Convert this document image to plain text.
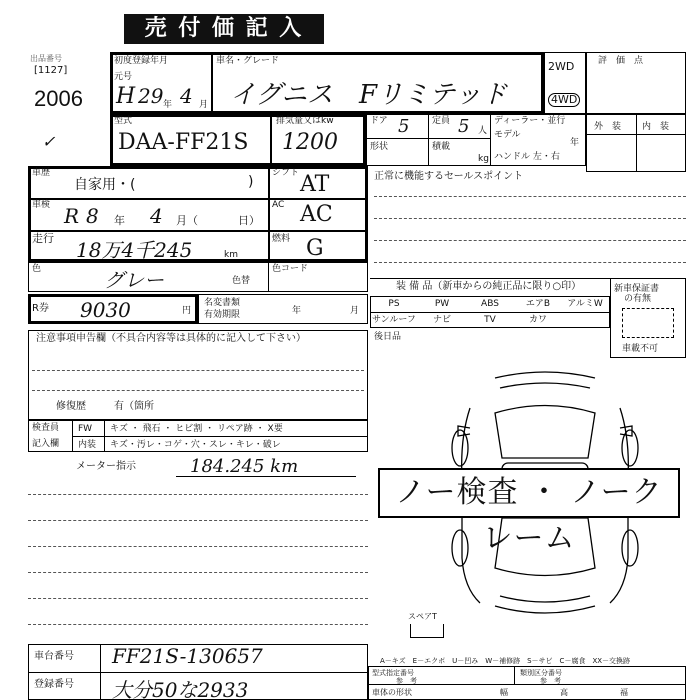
売 付 価 記 入
出品番号
[1127]
2006
初度登録年月
元号
H 29 年 4 月
車名・グレード
イグニス　Fリミテッド
2WD
4WD
評　価　点
外　装 内　装
型式
DAA-FF21S
排気量又はkw
1200
ドア 5	定員 5 人
形状	積載
kg
ディーラー・並行
モデル
年
ハンドル 左・右
✓
車歴
自家用・(	)
車検 R 8 年 4 月（	日）
走行 18万4千245	km
シフト AT
AC AC
燃料 G
色	グレー	色替
色コード
R券 9030	円
名変書類
有効期限	年	月
正常に機能するセールスポイント
装 備 品（新車からの純正品に限り○印）
PS	PW	ABS	エアB	アルミW
サンルーフ	ナビ	TV	カワ
後日品
新車保証書
の有無
車載不可
注意事項申告欄（不具合内容等は具体的に記入して下さい）
修復歴	有（箇所
検査員
記入欄
FW キズ ・ 飛石 ・ ヒビ割 ・ リペア跡 ・ X要
内装 キズ・汚レ・コゲ・穴・スレ・キレ・破レ
メーター指示	184.245 km
ノー検査 ・ ノークレーム
スペアT
車台番号 FF21S-130657
登録番号 大分50な2933
A－キズ　E－エクボ　U－凹み　W－補修跡　S－サビ　C－腐食　XX－交換跡
型式指定番号
参　考
類別区分番号
参　考
車体の形状	幅	高	福
